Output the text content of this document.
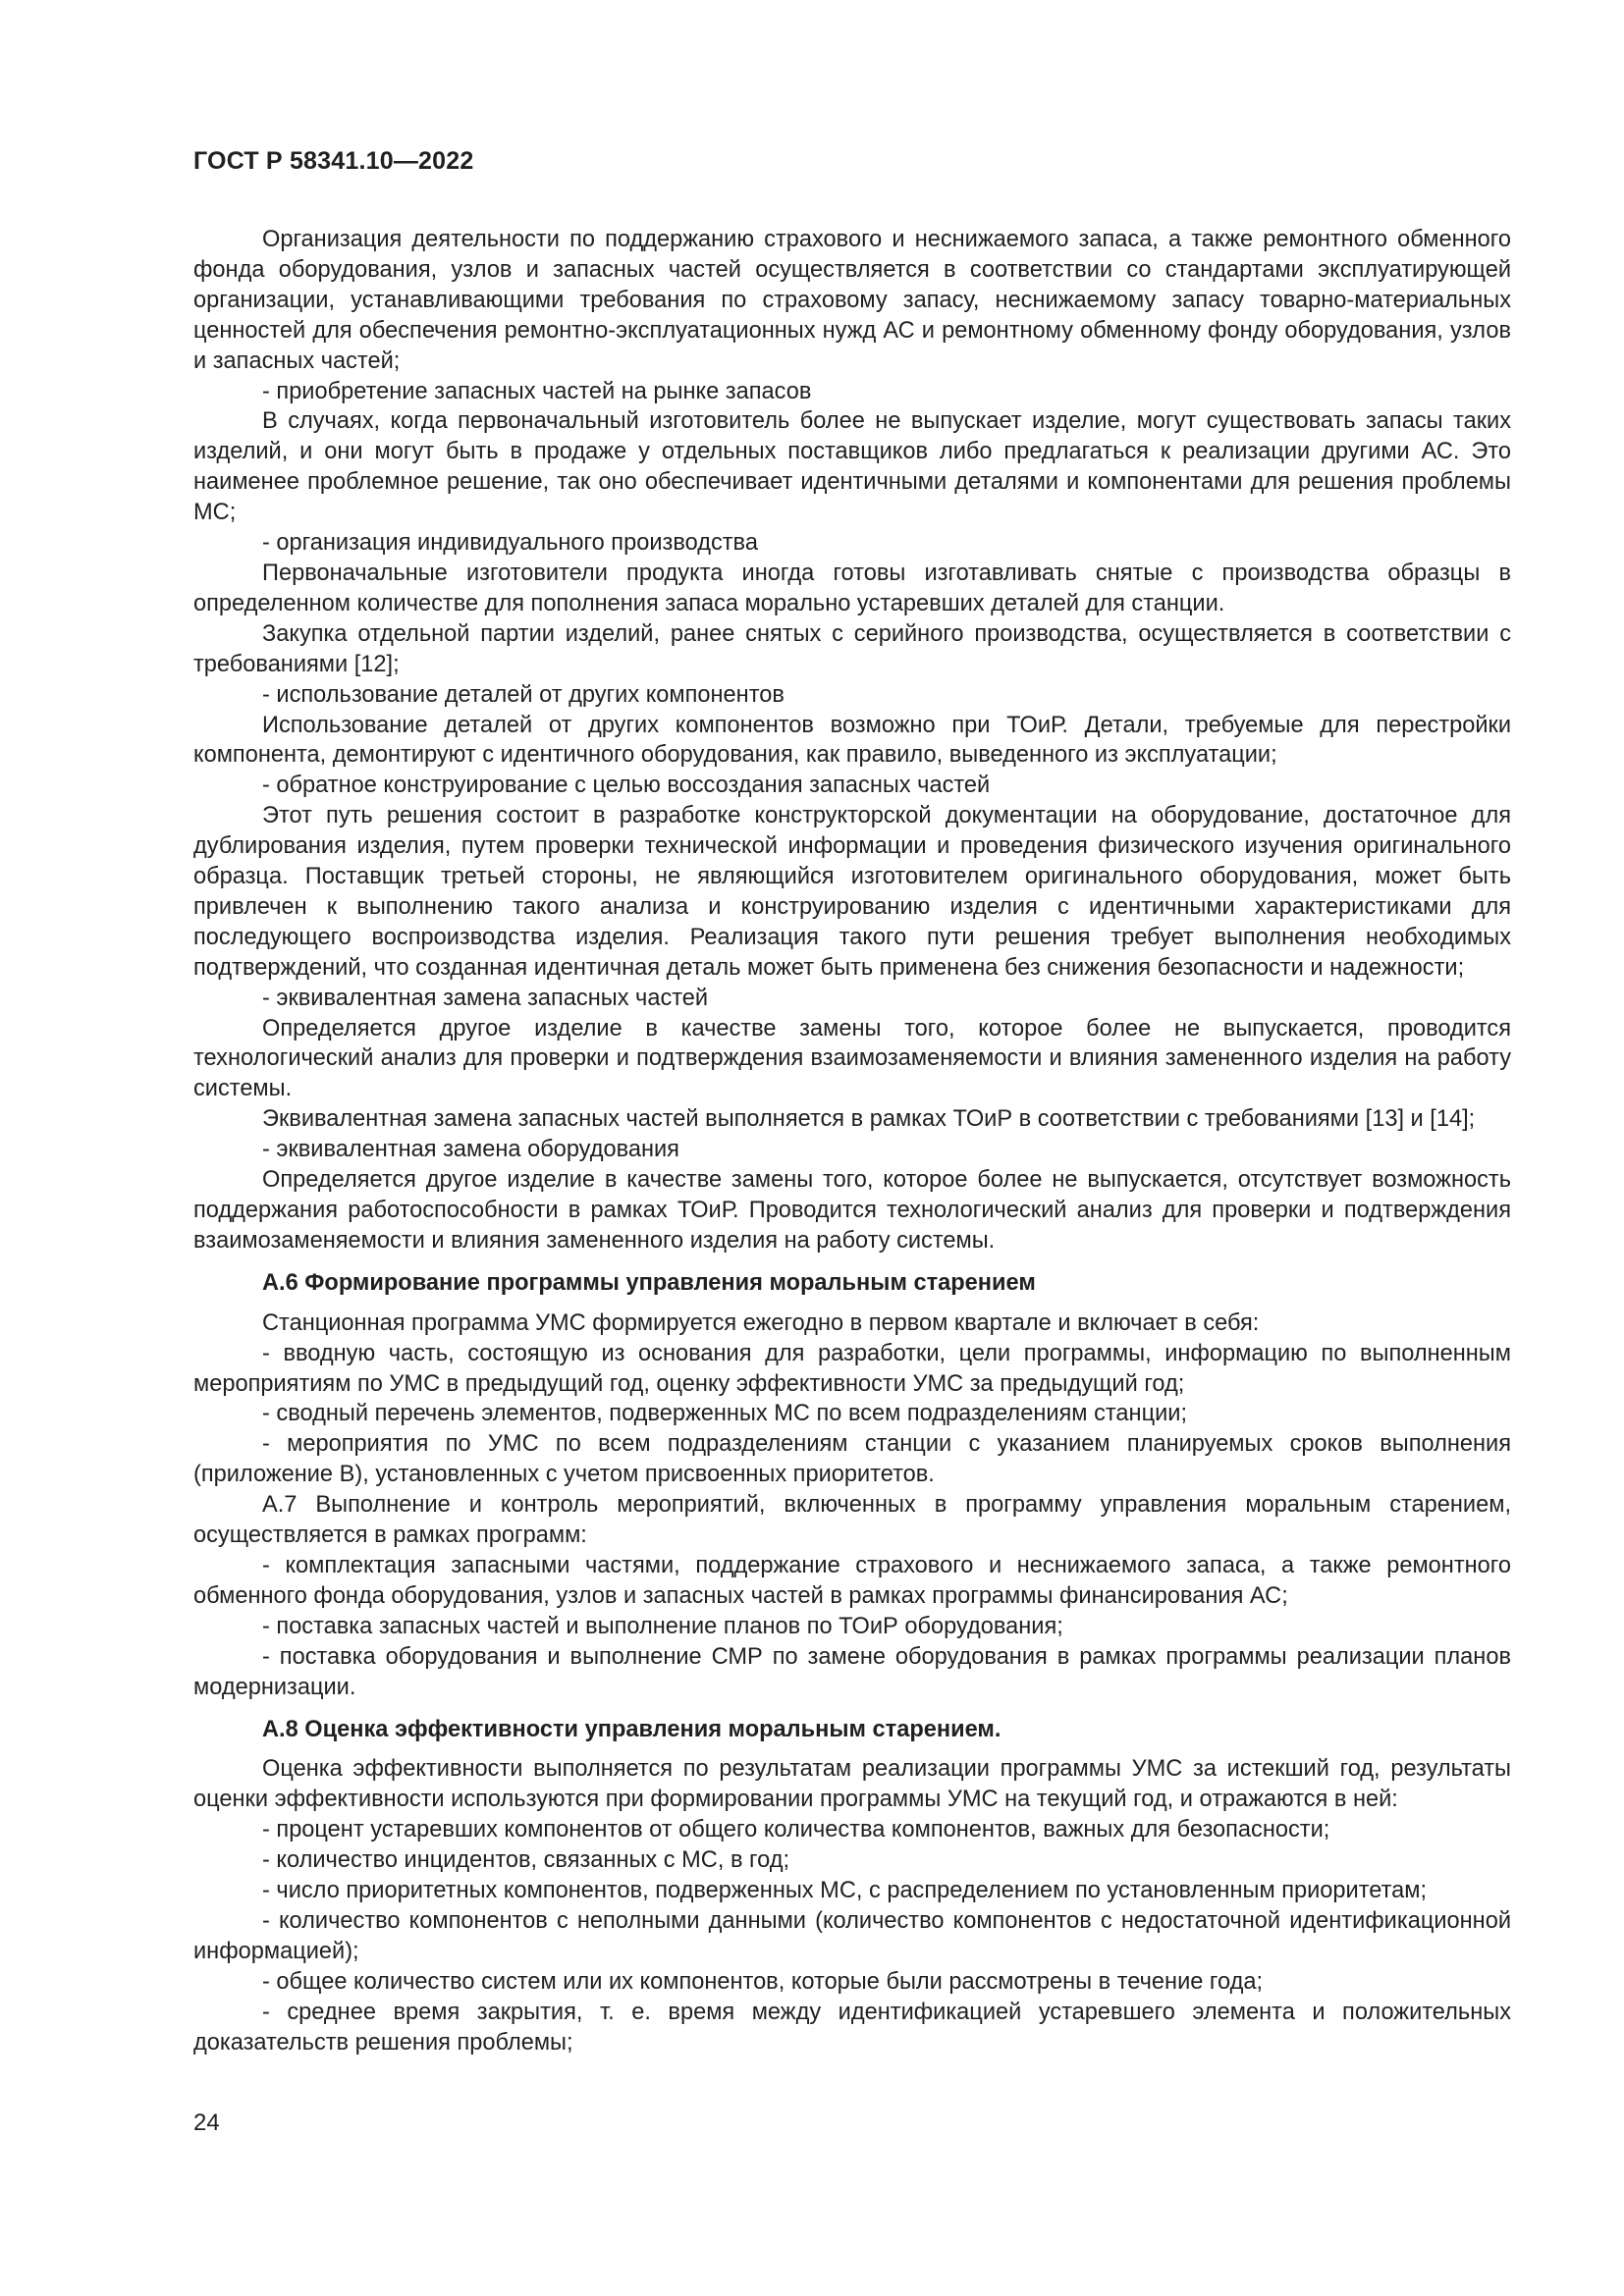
ГОСТ Р 58341.10—2022

Организация деятельности по поддержанию страхового и неснижаемого запаса, а также ремонтного обменного фонда оборудования, узлов и запасных частей осуществляется в соответствии со стандартами эксплуатирующей организации, устанавливающими требования по страховому запасу, неснижаемому запасу товарно-материальных ценностей для обеспечения ремонтно-эксплуатационных нужд АС и ремонтному обменному фонду оборудования, узлов и запасных частей;

- приобретение запасных частей на рынке запасов

В случаях, когда первоначальный изготовитель более не выпускает изделие, могут существовать запасы таких изделий, и они могут быть в продаже у отдельных поставщиков либо предлагаться к реализации другими АС. Это наименее проблемное решение, так оно обеспечивает идентичными деталями и компонентами для решения проблемы МС;

- организация индивидуального производства

Первоначальные изготовители продукта иногда готовы изготавливать снятые с производства образцы в определенном количестве для пополнения запаса морально устаревших деталей для станции.

Закупка отдельной партии изделий, ранее снятых с серийного производства, осуществляется в соответствии с требованиями [12];

- использование деталей от других компонентов

Использование деталей от других компонентов возможно при ТОиР. Детали, требуемые для перестройки компонента, демонтируют с идентичного оборудования, как правило, выведенного из эксплуатации;

- обратное конструирование с целью воссоздания запасных частей

Этот путь решения состоит в разработке конструкторской документации на оборудование, достаточное для дублирования изделия, путем проверки технической информации и проведения физического изучения оригинального образца. Поставщик третьей стороны, не являющийся изготовителем оригинального оборудования, может быть привлечен к выполнению такого анализа и конструированию изделия с идентичными характеристиками для последующего воспроизводства изделия. Реализация такого пути решения требует выполнения необходимых подтверждений, что созданная идентичная деталь может быть применена без снижения безопасности и надежности;

- эквивалентная замена запасных частей

Определяется другое изделие в качестве замены того, которое более не выпускается, проводится технологический анализ для проверки и подтверждения взаимозаменяемости и влияния замененного изделия на работу системы.

Эквивалентная замена запасных частей выполняется в рамках ТОиР в соответствии с требованиями [13] и [14];

- эквивалентная замена оборудования

Определяется другое изделие в качестве замены того, которое более не выпускается, отсутствует возможность поддержания работоспособности в рамках ТОиР. Проводится технологический анализ для проверки и подтверждения взаимозаменяемости и влияния замененного изделия на работу системы.

А.6 Формирование программы управления моральным старением

Станционная программа УМС формируется ежегодно в первом квартале и включает в себя:

- вводную часть, состоящую из основания для разработки, цели программы, информацию по выполненным мероприятиям по УМС в предыдущий год, оценку эффективности УМС за предыдущий год;

- сводный перечень элементов, подверженных МС по всем подразделениям станции;

- мероприятия по УМС по всем подразделениям станции с указанием планируемых сроков выполнения (приложение В), установленных с учетом присвоенных приоритетов.

А.7 Выполнение и контроль мероприятий, включенных в программу управления моральным старением, осуществляется в рамках программ:

- комплектация запасными частями, поддержание страхового и неснижаемого запаса, а также ремонтного обменного фонда оборудования, узлов и запасных частей в рамках программы финансирования АС;

- поставка запасных частей и выполнение планов по ТОиР оборудования;

- поставка оборудования и выполнение СМР по замене оборудования в рамках программы реализации планов модернизации.

А.8 Оценка эффективности управления моральным старением.

Оценка эффективности выполняется по результатам реализации программы УМС за истекший год, результаты оценки эффективности используются при формировании программы УМС на текущий год, и отражаются в ней:

- процент устаревших компонентов от общего количества компонентов, важных для безопасности;

- количество инцидентов, связанных с МС, в год;

- число приоритетных компонентов, подверженных МС, с распределением по установленным приоритетам;

- количество компонентов с неполными данными (количество компонентов с недостаточной идентификационной информацией);

- общее количество систем или их компонентов, которые были рассмотрены в течение года;

- среднее время закрытия, т. е. время между идентификацией устаревшего элемента и положительных доказательств решения проблемы;

24
